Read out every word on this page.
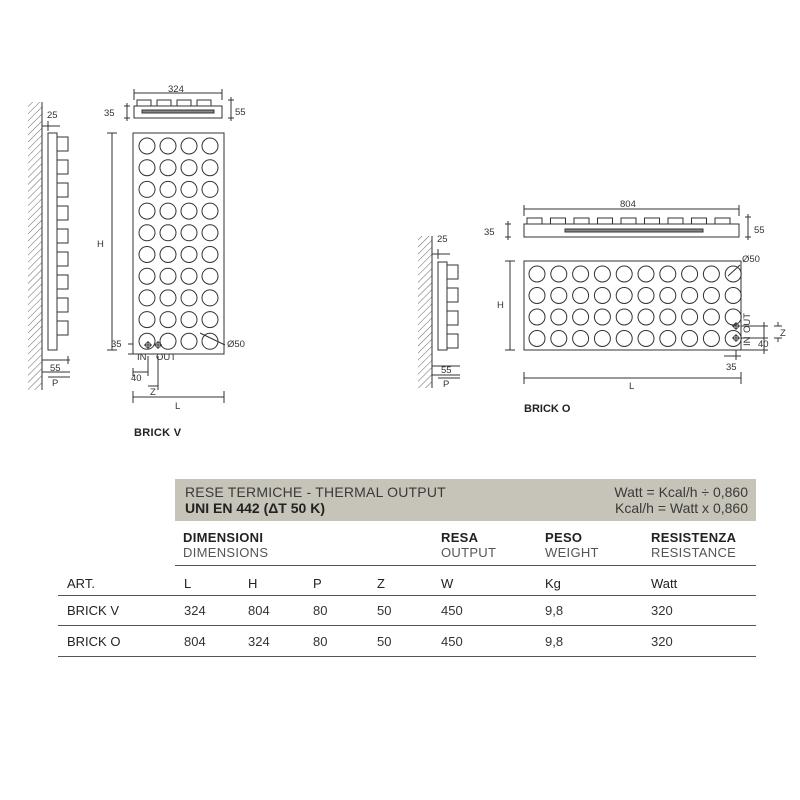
25
324
35	55
H
35	Ø50
IN OUT
55
P	40
Z
L
BRICK V
804
35	55
25
H
Ø50
IN
OUT
Z
40
35
55
P	L
BRICK O
RESE TERMICHE - THERMAL OUTPUT
UNI EN 442 (ΔT 50 K)
Watt = Kcal/h ÷ 0,860
Kcal/h = Watt x 0,860
DIMENSIONI
DIMENSIONS
RESA
OUTPUT
PESO
WEIGHT
RESISTENZA
RESISTANCE
ART.	L	H	P	Z	W	Kg	Watt
BRICK V	324	804	80	50	450	9,8	320
BRICK O	804	324	80	50	450	9,8	320
